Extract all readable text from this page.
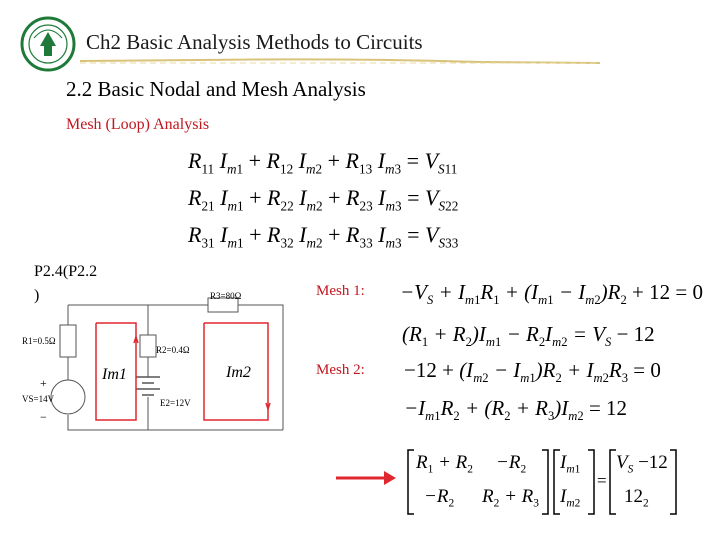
Ch2 Basic Analysis Methods to Circuits
2.2 Basic Nodal and Mesh Analysis
Mesh (Loop) Analysis
$R_{11}$ $I_{m1} + R_{12}$ $I_{m2} + R_{13}$ $I_{m3} = V_{S11}$
$R_{21}$ $I_{m1} + R_{22}$ $I_{m2} + R_{23}$ $I_{m3} = V_{S22}$
$R_{31}$ $I_{m1} + R_{32}$ $I_{m2} + R_{33}$ $I_{m3} = V_{S33}$
P2.4(P2.2
)
R1=0.5Ω
R2=0.4Ω
R3=80Ω
VS=14V	E2=12V
+
−
Im1	Im2
Mesh 1:
Mesh 2:
$-V_S + I_{m1}R_1 + (I_{m1} - I_{m2})R_2 + 12 = 0$
$(R_1 + R_2)I_{m1} - R_2I_{m2} = V_S - 12$
$-12 + (I_{m2} - I_{m1})R_2 + I_{m2}R_3 = 0$
$-I_{m1}R_2 + (R_2 + R_3)I_{m2} = 12$
=
$R_1 + R_2 -R_2$
$-R_2$ $R_2 + R_3$
$I_{m1}$
$I_{m2}$
$V_S -12$
$12_2$
